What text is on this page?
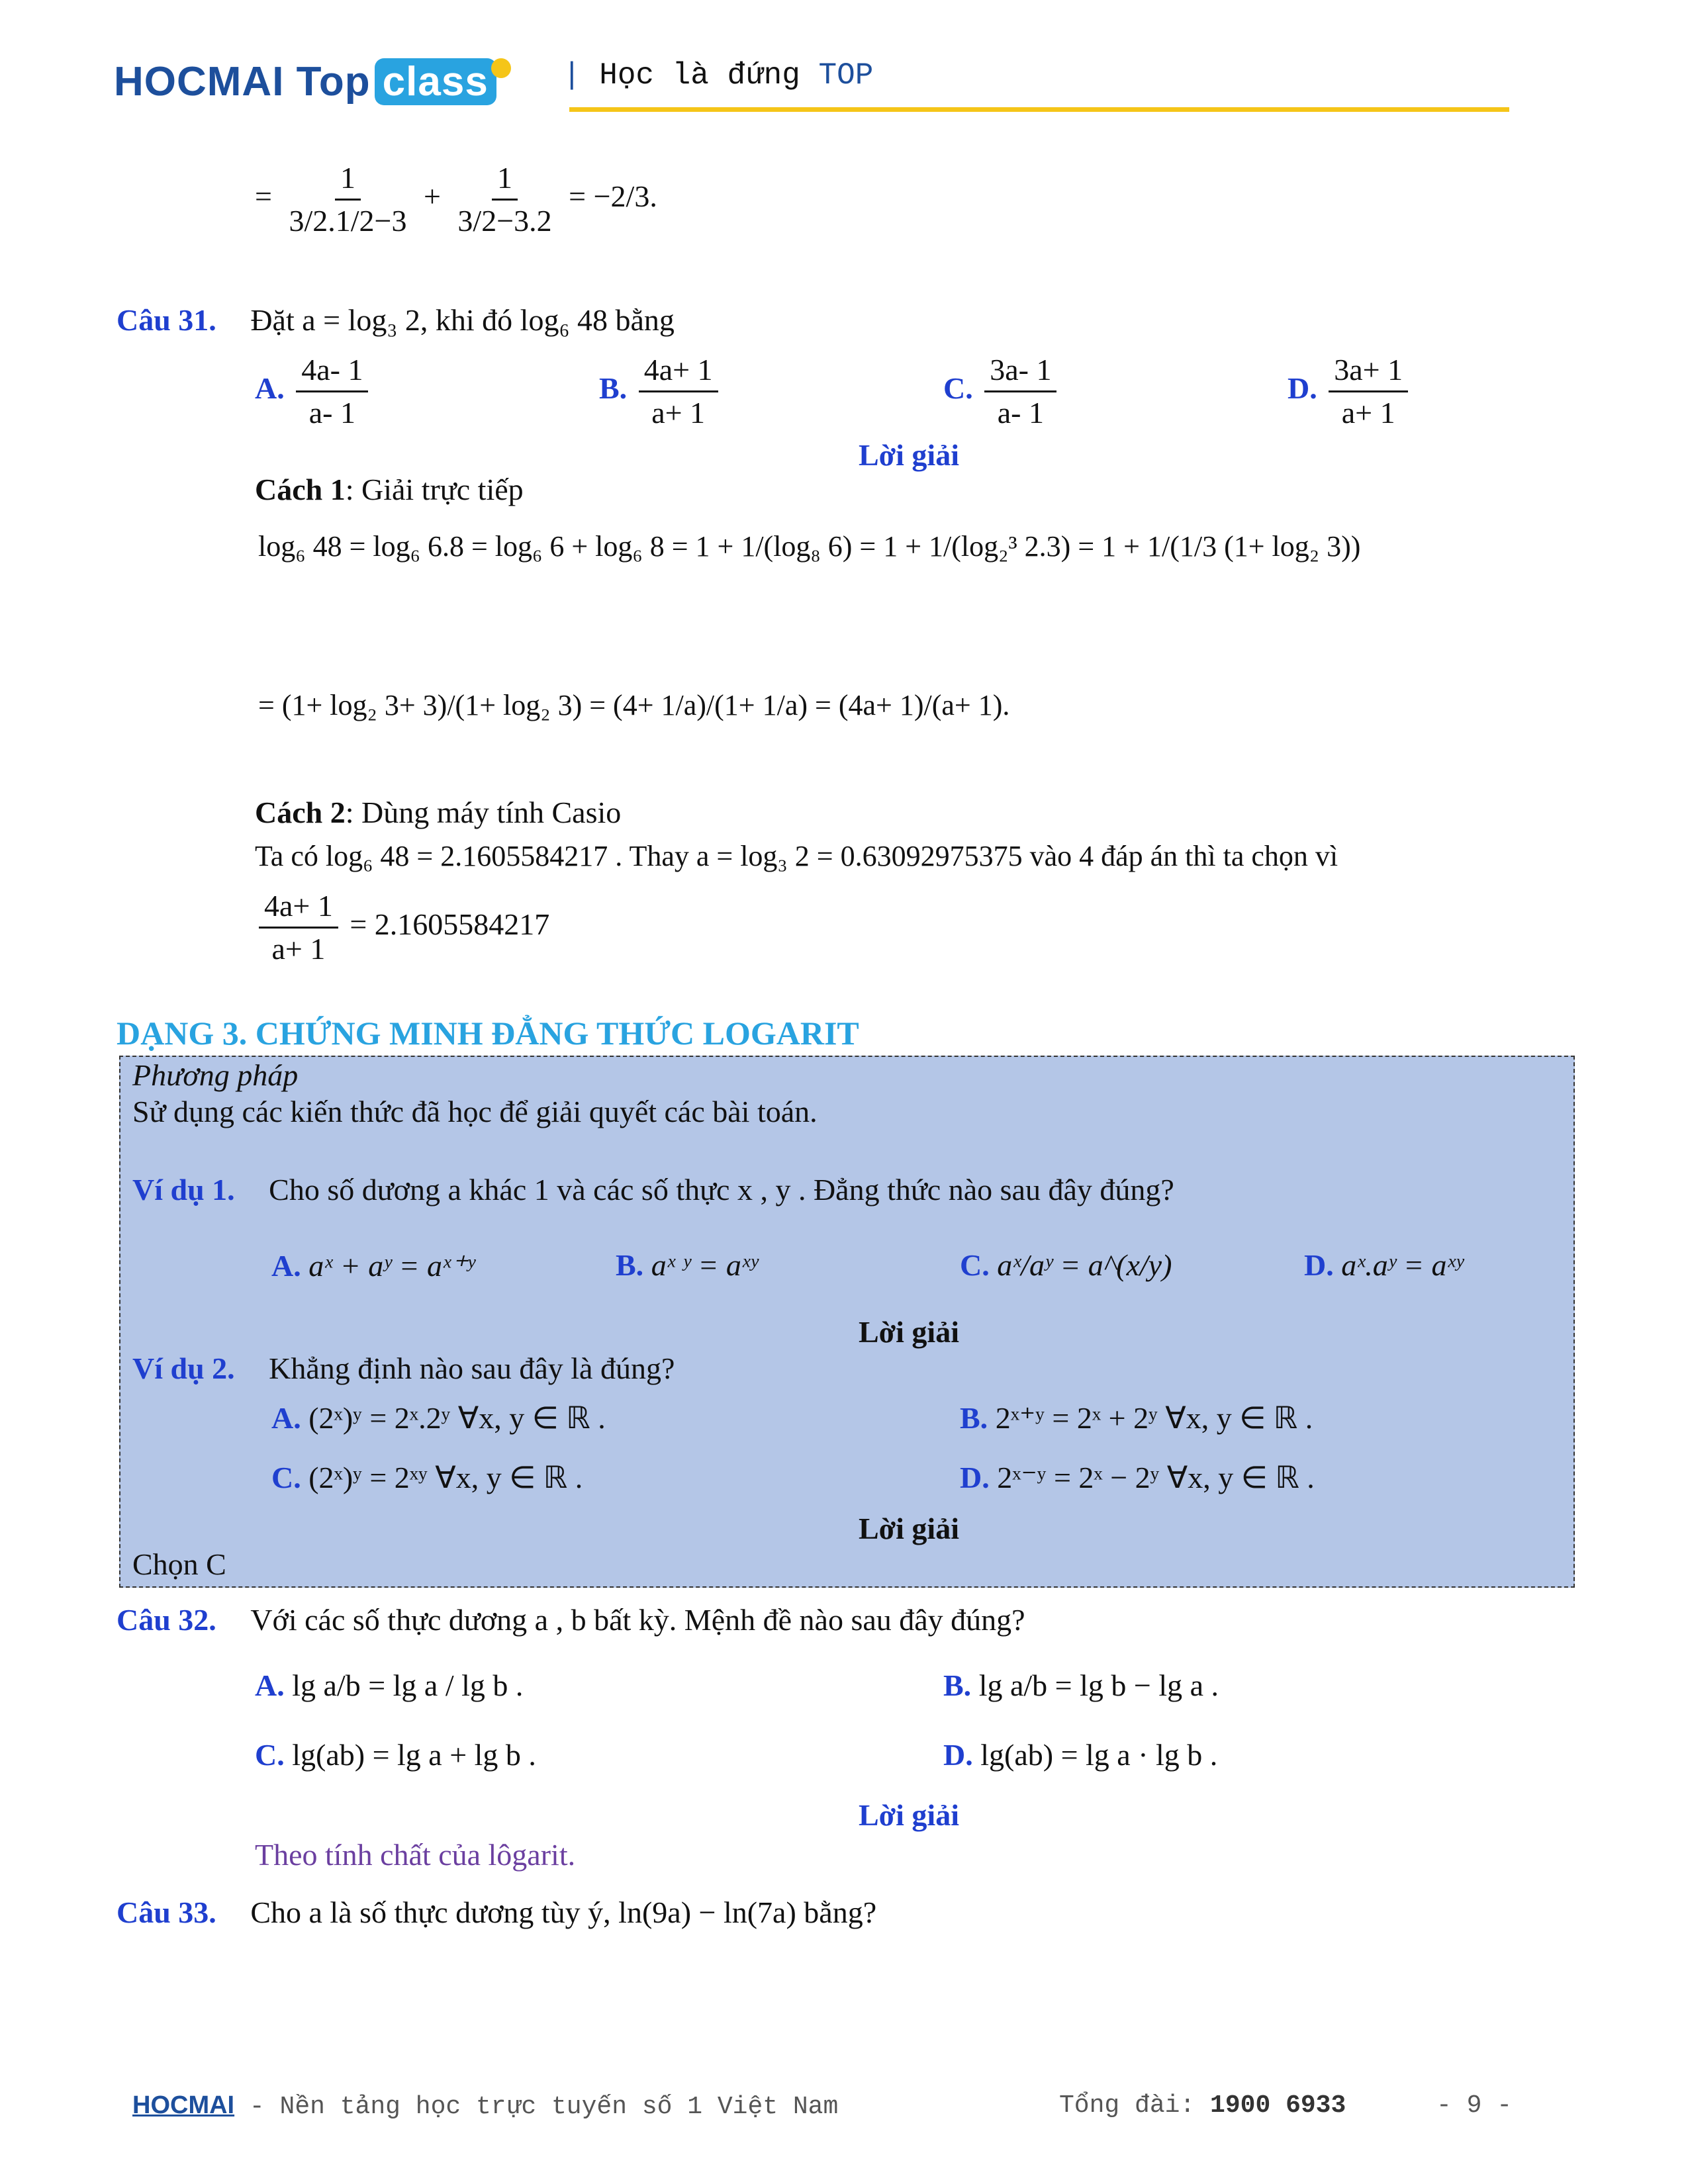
HOCMAI Top class	| Học là đứng TOP
= $\frac{1}{3/2.1/2-3} + \frac{1}{3/2-3.2} = -2/3$.
Câu 31. Đặt a = log₃ 2, khi đó log₆ 48 bằng
A. $\frac{4a- 1}{a- 1}$	B. $\frac{4a+ 1}{a+ 1}$	C. $\frac{3a- 1}{a- 1}$	D. $\frac{3a+ 1}{a+ 1}$
Lời giải
Cách 1: Giải trực tiếp
log₆ 48 = log₆ 6.8 = log₆ 6 + log₆ 8 = 1 + 1/(log₈ 6) = 1 + 1/(log₂³ 2.3) = 1 + 1/(1/3 (1+ log₂ 3))
= (1+ log₂ 3+ 3)/(1+ log₂ 3) = (4+ 1/a)/(1+ 1/a) = (4a+ 1)/(a+ 1).
Cách 2: Dùng máy tính Casio
Ta có log₆ 48 = 2.1605584217 . Thay a = log₃ 2 = 0.63092975375 vào 4 đáp án thì ta chọn vì
$\frac{4a+ 1}{a+ 1} = 2.1605584217$
DẠNG 3. CHỨNG MINH ĐẲNG THỨC LOGARIT
Phương pháp
Sử dụng các kiến thức đã học để giải quyết các bài toán.
Ví dụ 1. Cho số dương a khác 1 và các số thực x , y . Đẳng thức nào sau đây đúng?
A. aˣ + aʸ = aˣ⁺ʸ	B. aˣ ʸ = aˣʸ	C. aˣ/aʸ = a^(x/y)	D. aˣ.aʸ = aˣʸ
Lời giải
Ví dụ 2. Khẳng định nào sau đây là đúng?
A. (2ˣ)ʸ = 2ˣ.2ʸ ∀x, y ∈ ℝ .	B. 2ˣ⁺ʸ = 2ˣ + 2ʸ ∀x, y ∈ ℝ .
C. (2ˣ)ʸ = 2ˣʸ ∀x, y ∈ ℝ .	D. 2ˣ⁻ʸ = 2ˣ − 2ʸ ∀x, y ∈ ℝ .
Lời giải
Chọn C
Câu 32. Với các số thực dương a , b bất kỳ. Mệnh đề nào sau đây đúng?
A. lg a/b = lg a / lg b .	B. lg a/b = lg b − lg a .
C. lg(ab) = lg a + lg b .	D. lg(ab) = lg a · lg b .
Lời giải
Theo tính chất của lôgarit.
Câu 33. Cho a là số thực dương tùy ý, ln(9a) − ln(7a) bằng?
HOCMAI - Nền tảng học trực tuyến số 1 Việt Nam	Tổng đài: 1900 6933	- 9 -
